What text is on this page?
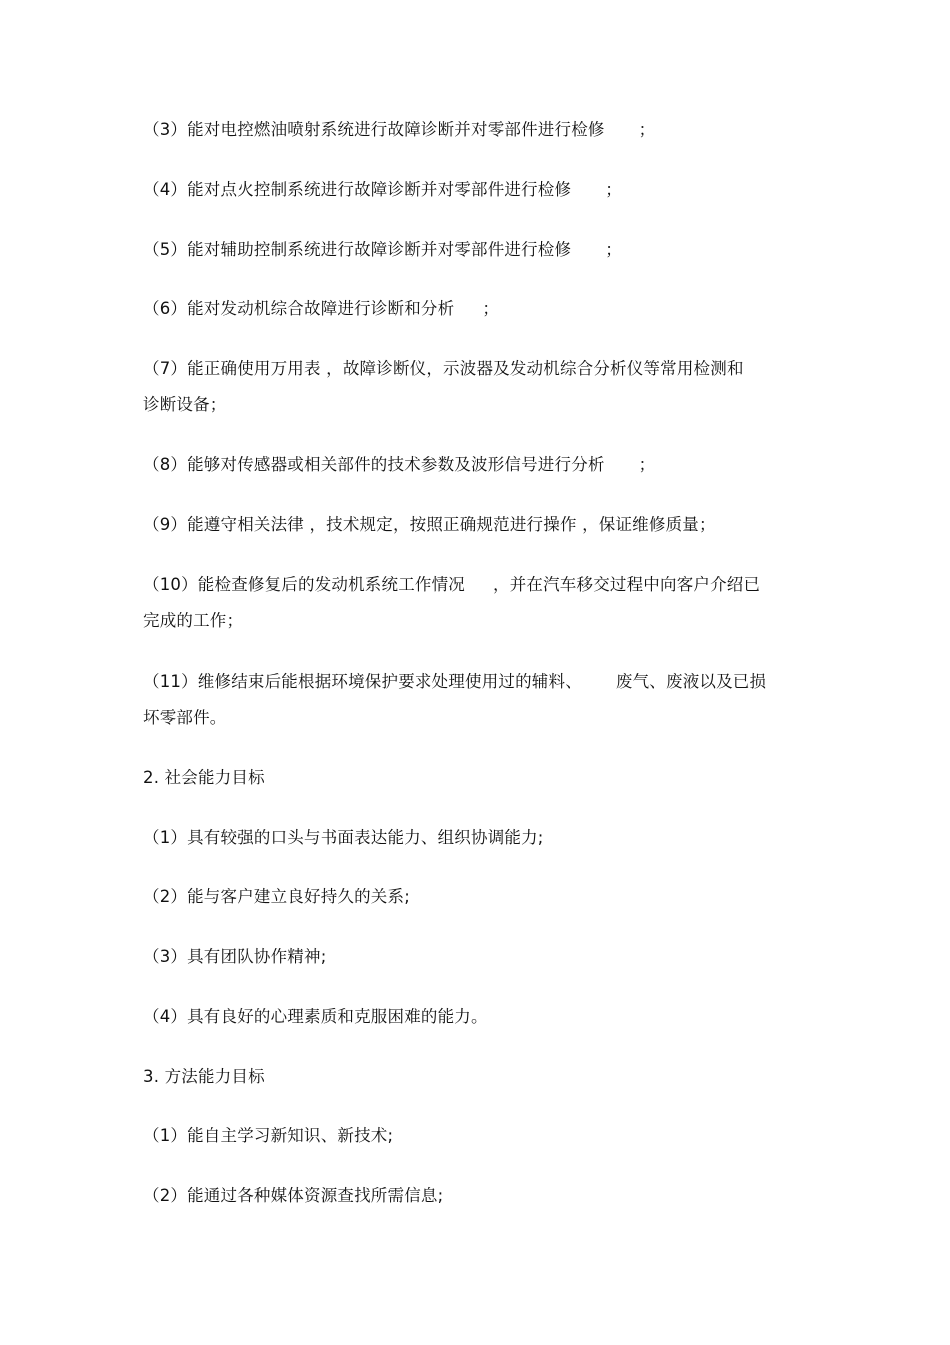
（3）能对电控燃油喷射系统进行故障诊断并对零部件进行检修 ；
（4）能对点火控制系统进行故障诊断并对零部件进行检修 ；
（5）能对辅助控制系统进行故障诊断并对零部件进行检修 ；
（6）能对发动机综合故障进行诊断和分析 ；
（7）能正确使用万用表 ，故障诊断仪，示波器及发动机综合分析仪等常用检测和
诊断设备；
（8）能够对传感器或相关部件的技术参数及波形信号进行分析 ；
（9）能遵守相关法律 ，技术规定，按照正确规范进行操作 ，保证维修质量；
（10）能检查修复后的发动机系统工作情况 ，并在汽车移交过程中向客户介绍已
完成的工作；
（11）维修结束后能根据环境保护要求处理使用过的辅料、 废气、废液以及已损
坏零部件。
2. 社会能力目标
（1）具有较强的口头与书面表达能力、组织协调能力;
（2）能与客户建立良好持久的关系;
（3）具有团队协作精神;
（4）具有良好的心理素质和克服困难的能力。
3. 方法能力目标
（1）能自主学习新知识、新技术;
（2）能通过各种媒体资源查找所需信息;
